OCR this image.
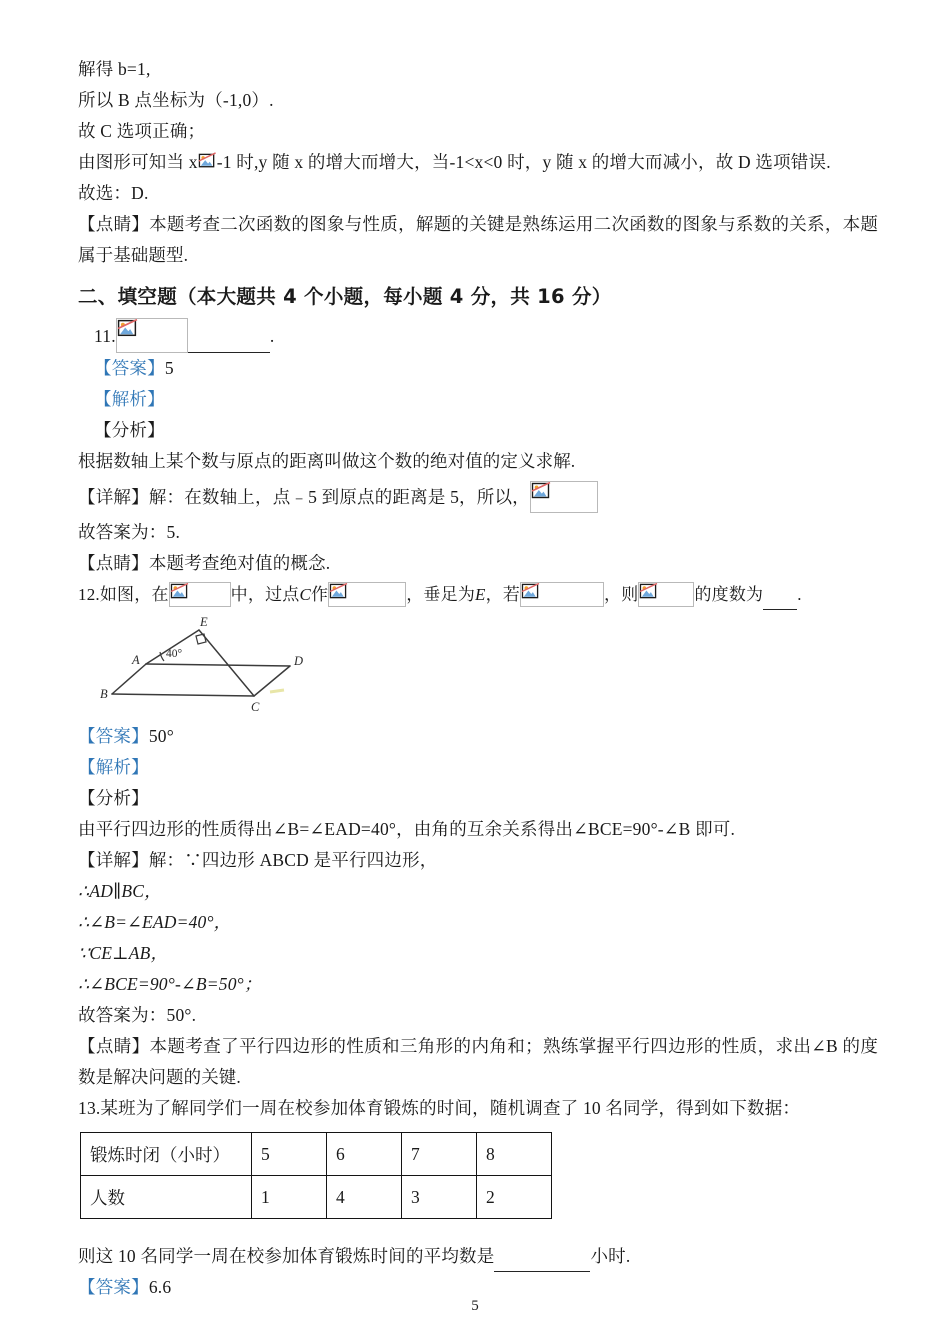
解得 b=1,
所以 B 点坐标为（-1,0）.
故 C 选项正确；
由图形可知当 x -1 时,y 随 x 的增大而增大，当-1<x<0 时，y 随 x 的增大而减小，故 D 选项错误.
故选：D.
【点睛】本题考查二次函数的图象与性质，解题的关键是熟练运用二次函数的图象与系数的关系，本题属于基础题型.
二、填空题（本大题共 4 个小题，每小题 4 分，共 16 分）
11.	.
【答案】5
【解析】
【分析】
根据数轴上某个数与原点的距离叫做这个数的绝对值的定义求解.
【详解】解：在数轴上，点﹣5 到原点的距离是 5，所以，
故答案为：5.
【点睛】本题考查绝对值的概念.
12.如图，在	中，过点C作	，垂足为E，若	，则	的度数为 .
E
A
B
C
D
40°
【答案】50°
【解析】
【分析】
由平行四边形的性质得出∠B=∠EAD=40°，由角的互余关系得出∠BCE=90°-∠B 即可.
【详解】解：∵四边形 ABCD 是平行四边形，
∴AD∥BC，
∴∠B=∠EAD=40°，
∵CE⊥AB，
∴∠BCE=90°-∠B=50°；
故答案为：50°.
【点睛】本题考查了平行四边形的性质和三角形的内角和；熟练掌握平行四边形的性质，求出∠B 的度数是解决问题的关键.
13.某班为了解同学们一周在校参加体育锻炼的时间，随机调查了 10 名同学，得到如下数据：
锻炼时闭（小时）	5	6	7	8
人数	1	4	3	2
则这 10 名同学一周在校参加体育锻炼时间的平均数是	小时.
【答案】6.6
5
